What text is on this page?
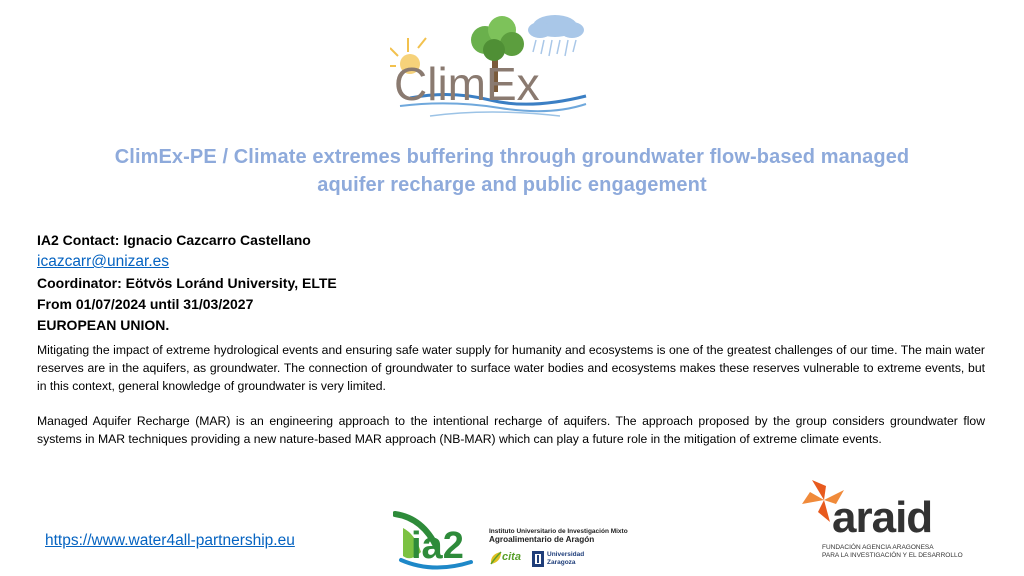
ClimEx
ClimEx-PE / Climate extremes buffering through groundwater flow-based managed
aquifer recharge and public engagement
IA2 Contact: Ignacio Cazcarro Castellano
icazcarr@unizar.es
Coordinator: Eötvös Loránd University, ELTE
From 01/07/2024 until 31/03/2027
EUROPEAN UNION.

Mitigating the impact of extreme hydrological events and ensuring safe water supply for humanity and ecosystems is one of the greatest challenges of our time. The main water reserves are in the aquifers, as groundwater. The connection of groundwater to surface water bodies and ecosystems makes these reserves vulnerable to extreme events, but in this context, general knowledge of groundwater is very limited.

Managed Aquifer Recharge (MAR) is an engineering approach to the intentional recharge of aquifers. The approach proposed by the group considers groundwater flow systems in MAR techniques providing a new nature-based MAR approach (NB-MAR) which can play a future role in the mitigation of extreme climate events.

https://www.water4all-partnership.eu	ia2	Instituto Universitario de Investigación Mixto
Agroalimentario de Aragón
cita	Universidad
Zaragoza
araid
FUNDACIÓN AGENCIA ARAGONESA
PARA LA INVESTIGACIÓN Y EL DESARROLLO
